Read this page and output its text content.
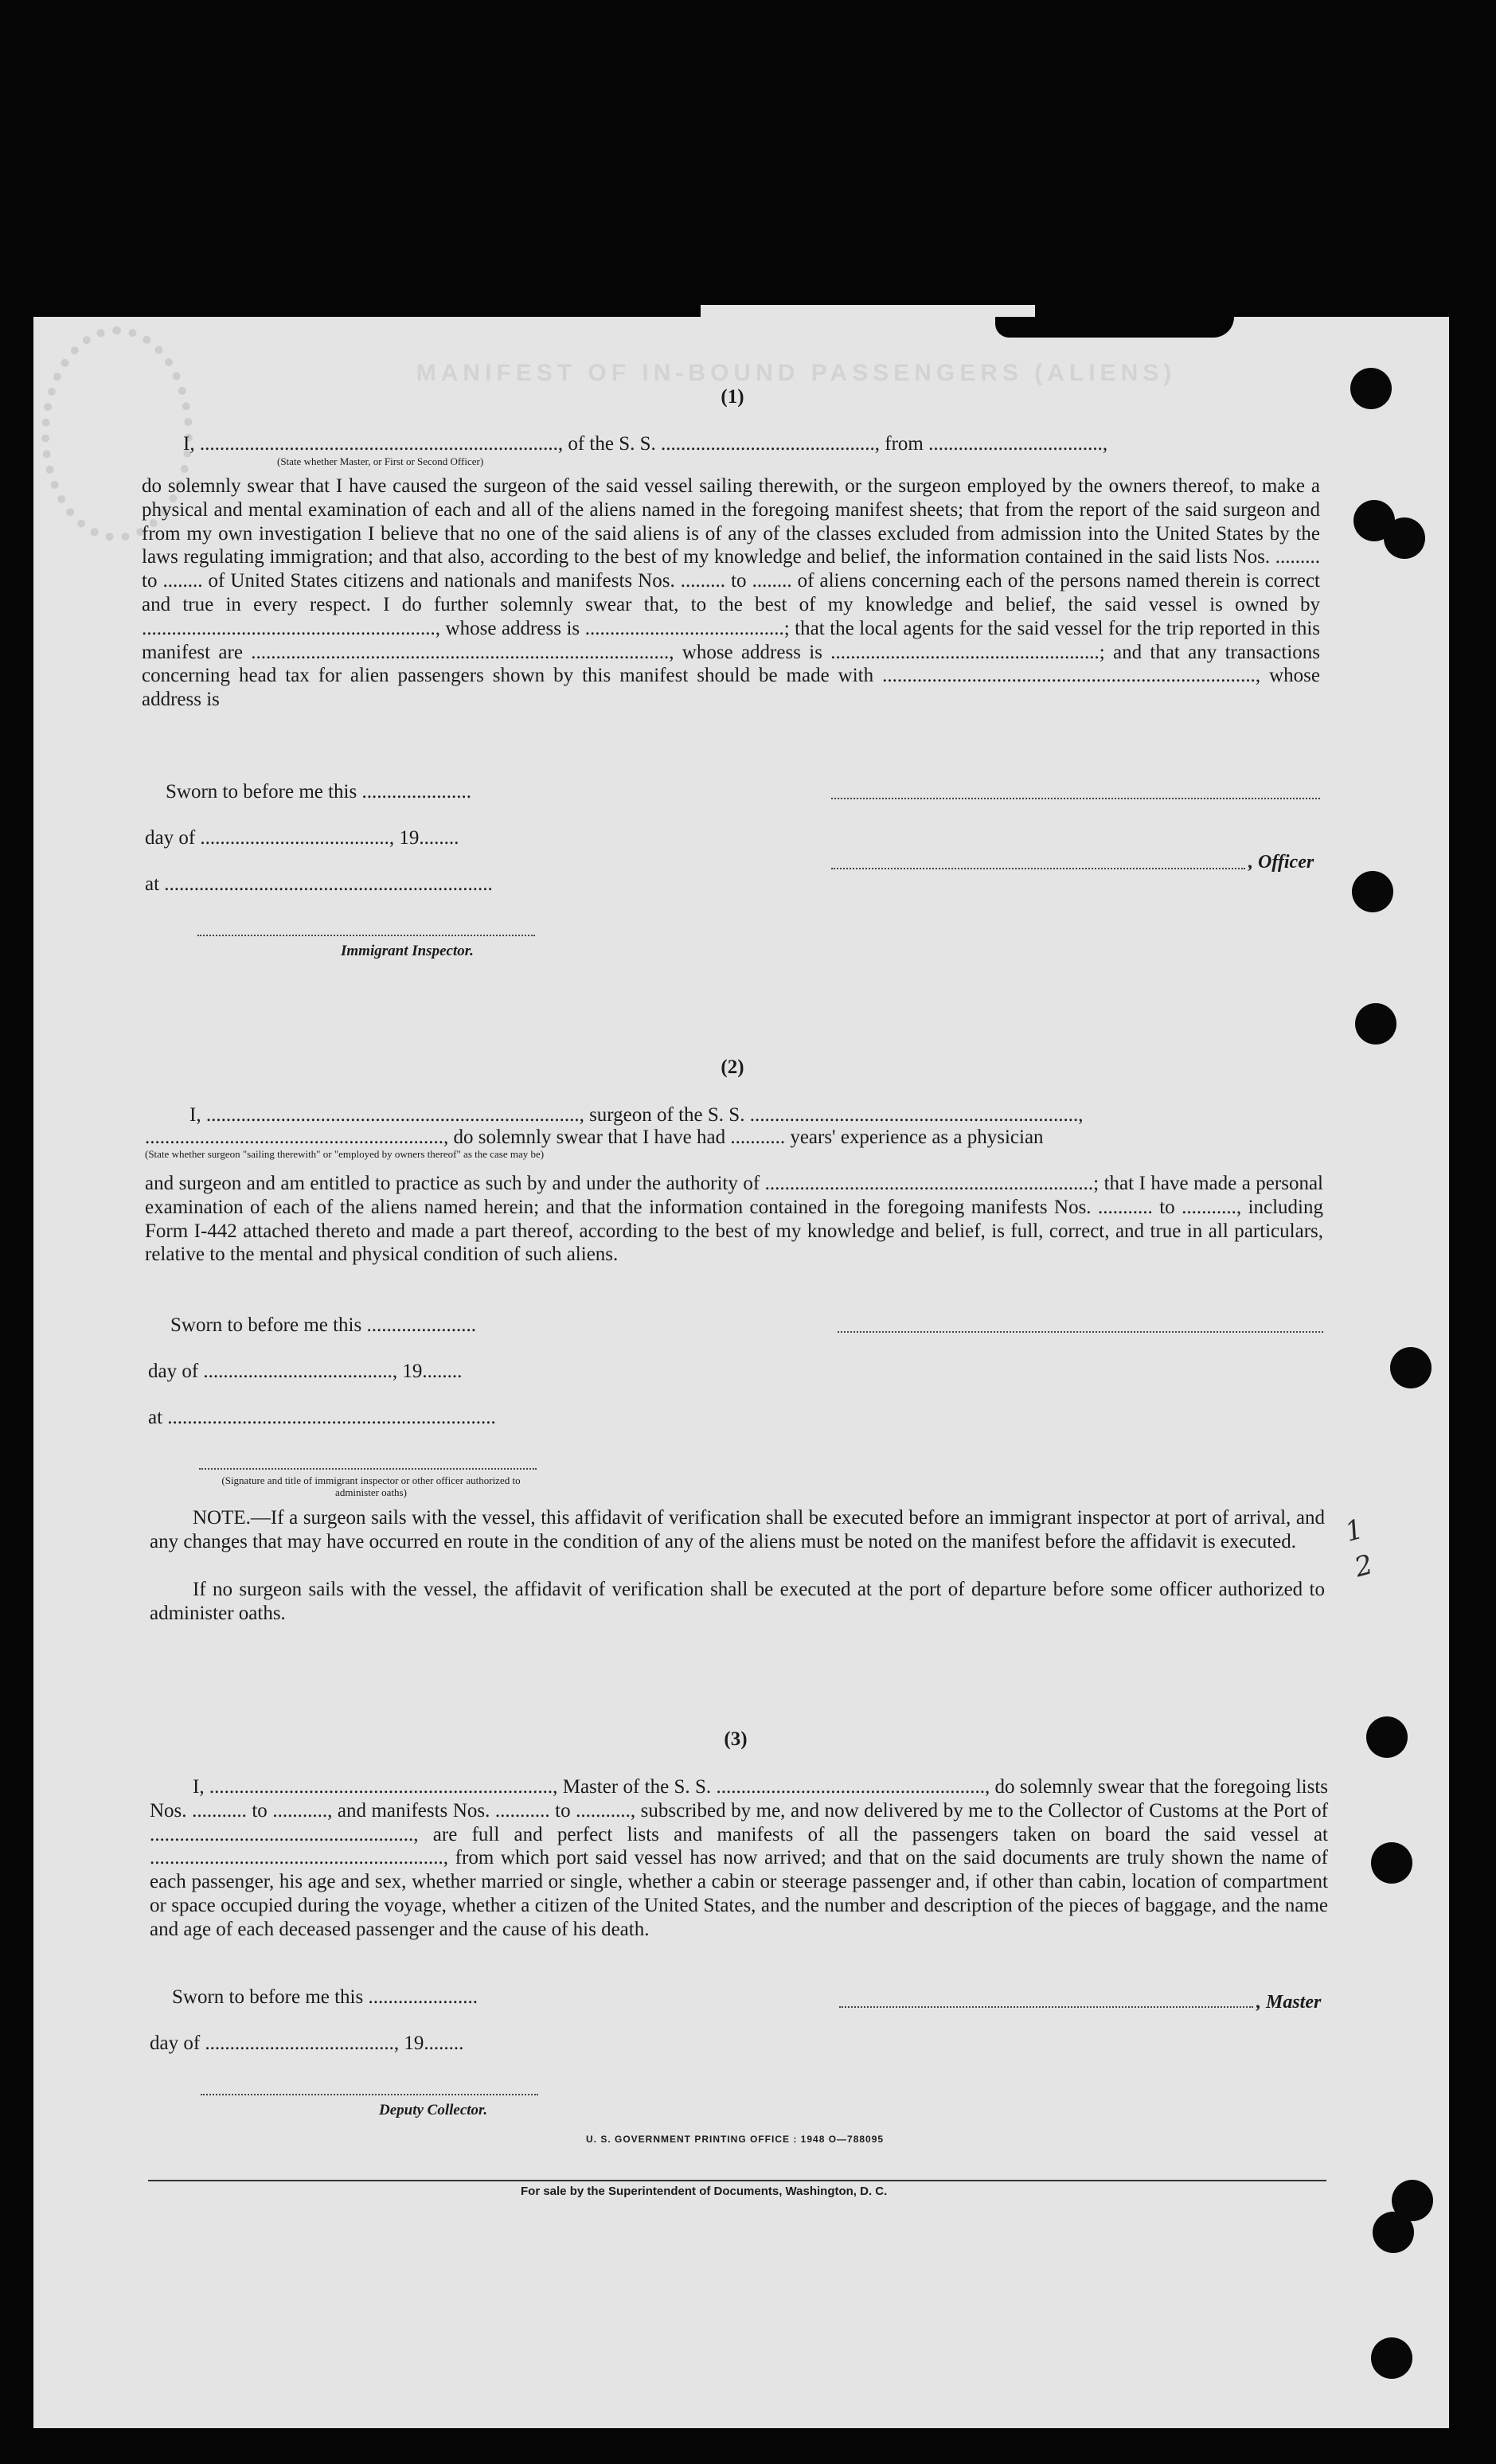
MANIFEST OF IN-BOUND PASSENGERS (ALIENS)
(1)
I, ........................................................................, of the S. S. ..........................................., from ...................................,
(State whether Master, or First or Second Officer)
do solemnly swear that I have caused the surgeon of the said vessel sailing therewith, or the surgeon employed by the owners thereof, to make a physical and mental examination of each and all of the aliens named in the foregoing manifest sheets; that from the report of the said surgeon and from my own investigation I believe that no one of the said aliens is of any of the classes excluded from admission into the United States by the laws regulating immigration; and that also, according to the best of my knowledge and belief, the information contained in the said lists Nos. ......... to ........ of United States citizens and nationals and manifests Nos. ......... to ........ of aliens concerning each of the persons named therein is correct and true in every respect. I do further solemnly swear that, to the best of my knowledge and belief, the said vessel is owned by ..........................................................., whose address is ........................................; that the local agents for the said vessel for the trip reported in this manifest are ...................................................................................., whose address is ......................................................; and that any transactions concerning head tax for alien passengers shown by this manifest should be made with ..........................................................................., whose address is
Sworn to before me this ......................
day of ......................................, 19........
, Officer
at ..................................................................
Immigrant Inspector.
(2)
I, ..........................................................................., surgeon of the S. S. ..................................................................,
............................................................, do solemnly swear that I have had ........... years' experience as a physician
(State whether surgeon "sailing therewith" or "employed by owners thereof" as the case may be)
and surgeon and am entitled to practice as such by and under the authority of ..................................................................; that I have made a personal examination of each of the aliens named herein; and that the information contained in the foregoing manifests Nos. ........... to ..........., including Form I-442 attached thereto and made a part thereof, according to the best of my knowledge and belief, is full, correct, and true in all particulars, relative to the mental and physical condition of such aliens.
Sworn to before me this ......................
day of ......................................, 19........
at ..................................................................
(Signature and title of immigrant inspector or other officer authorized to administer oaths)
NOTE.—If a surgeon sails with the vessel, this affidavit of verification shall be executed before an immigrant inspector at port of arrival, and any changes that may have occurred en route in the condition of any of the aliens must be noted on the manifest before the affidavit is executed.
If no surgeon sails with the vessel, the affidavit of verification shall be executed at the port of departure before some officer authorized to administer oaths.
12
(3)
I, ....................................................................., Master of the S. S. ......................................................, do solemnly swear that the foregoing lists Nos. ........... to ..........., and manifests Nos. ........... to ..........., subscribed by me, and now delivered by me to the Collector of Customs at the Port of ....................................................., are full and perfect lists and manifests of all the passengers taken on board the said vessel at ..........................................................., from which port said vessel has now arrived; and that on the said documents are truly shown the name of each passenger, his age and sex, whether married or single, whether a cabin or steerage passenger and, if other than cabin, location of compartment or space occupied during the voyage, whether a citizen of the United States, and the number and description of the pieces of baggage, and the name and age of each deceased passenger and the cause of his death.
Sworn to before me this ......................	, Master
day of ......................................, 19........
Deputy Collector.
U. S. GOVERNMENT PRINTING OFFICE : 1948 O—788095
For sale by the Superintendent of Documents, Washington, D. C.
